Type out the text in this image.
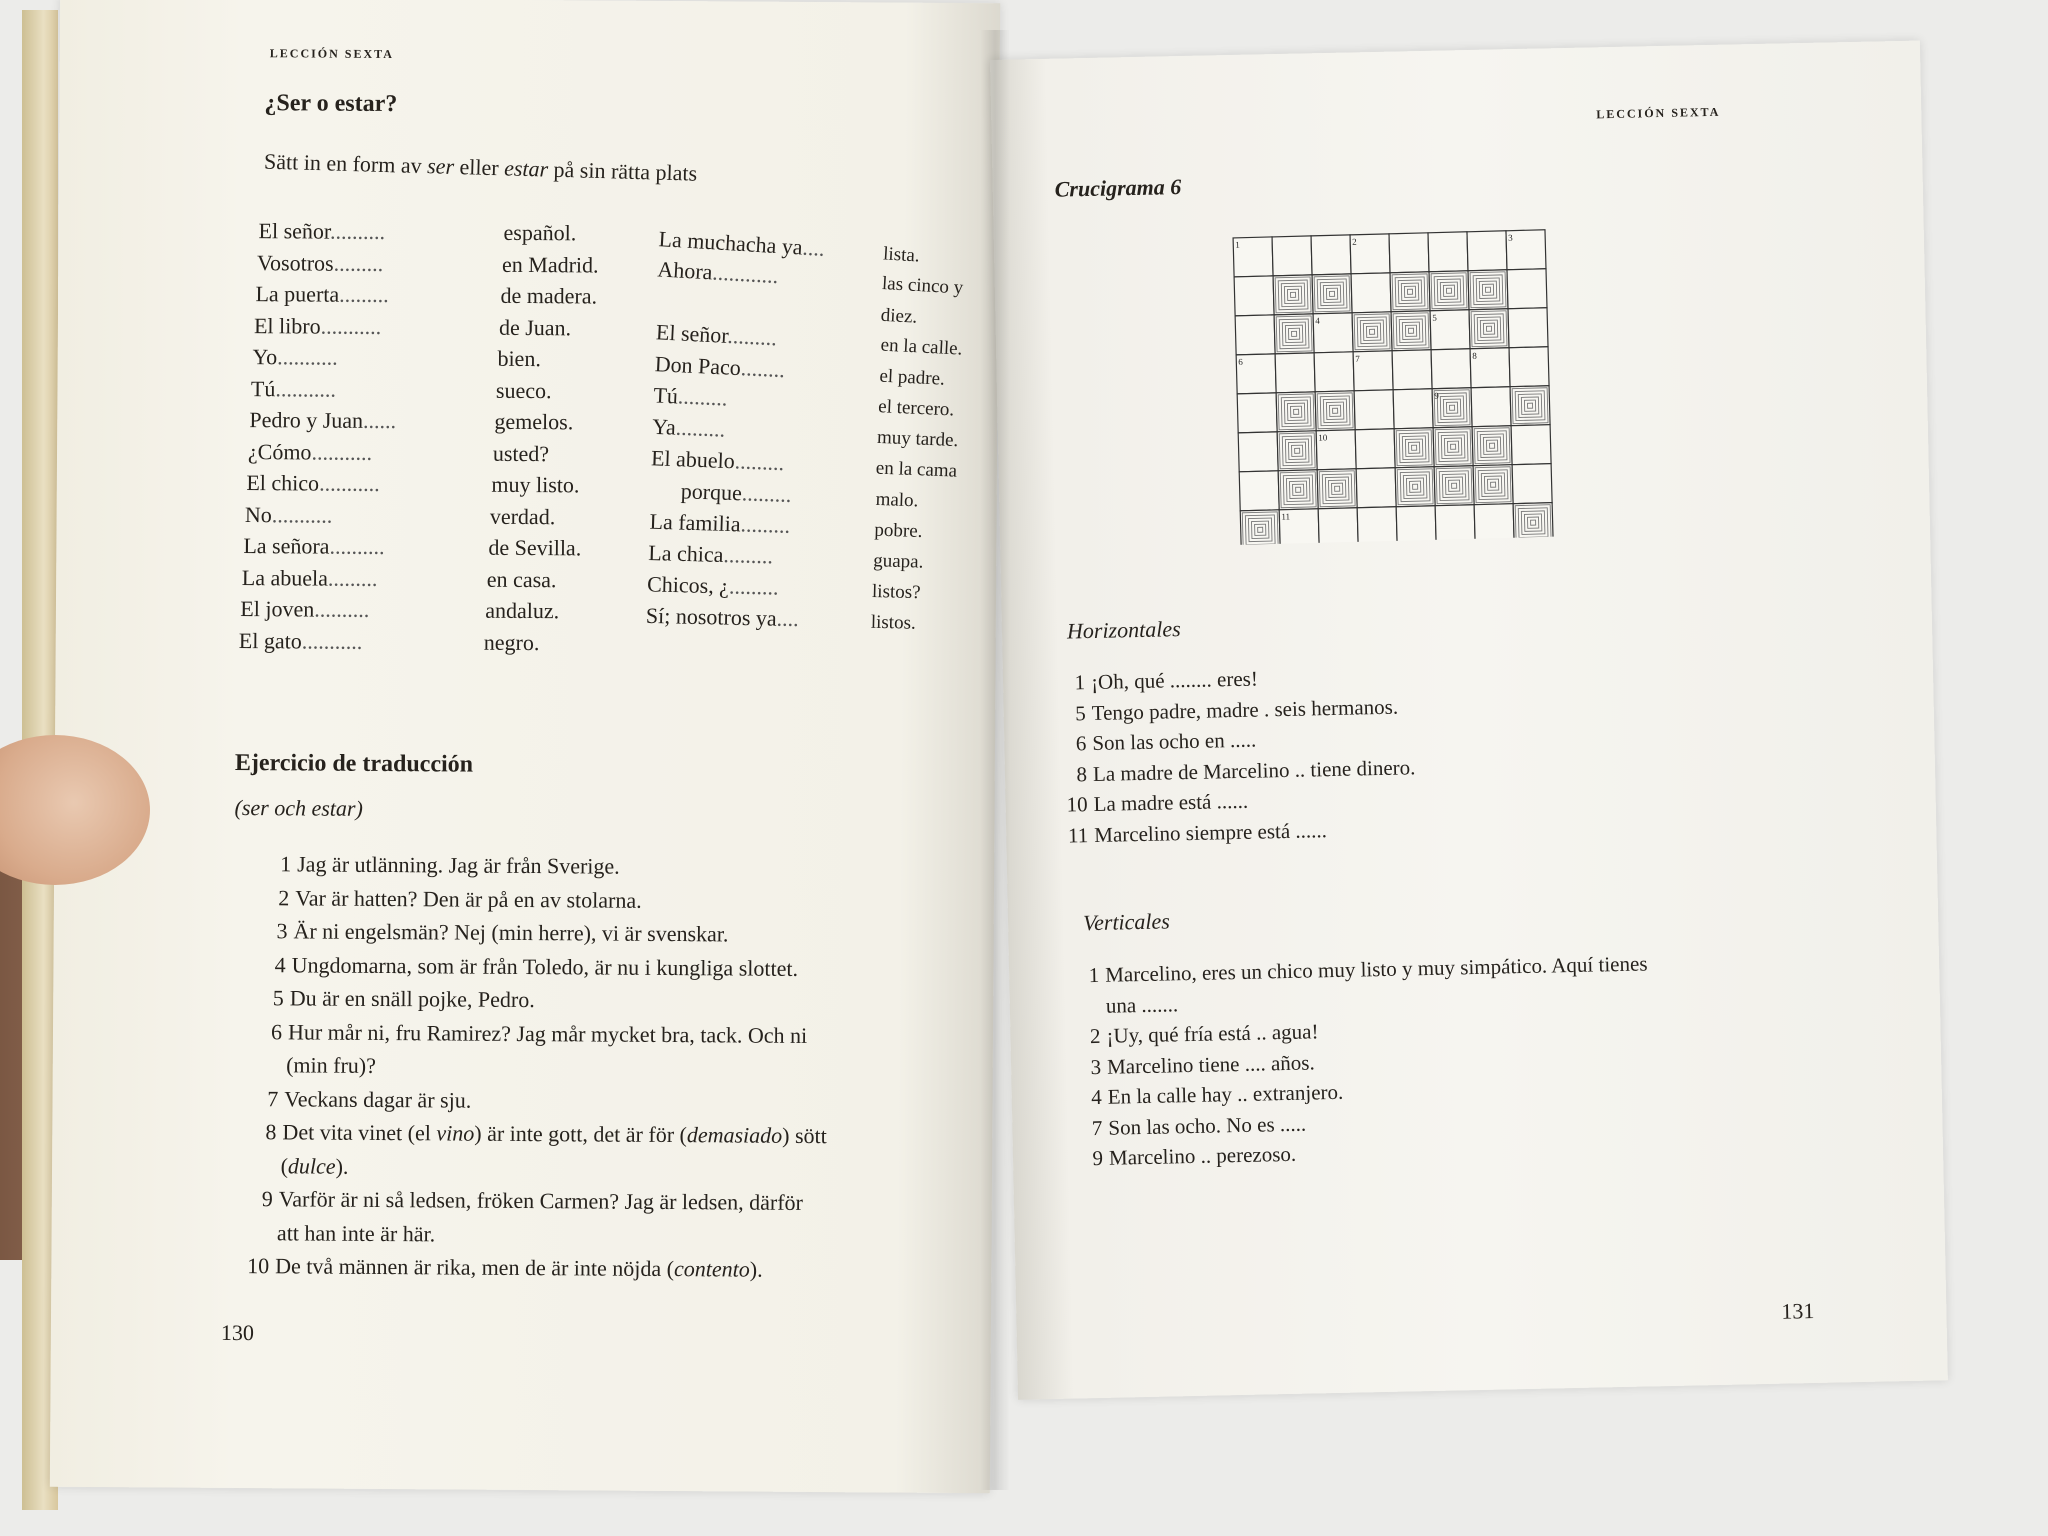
LECCIÓN SEXTA
¿Ser o estar?
Sätt in en form av ser eller estar på sin rätta plats
El señor..........	español.
Vosotros.........	en Madrid.
La puerta.........	de madera.
El libro...........	de Juan.
Yo...........	bien.
Tú...........	sueco.
Pedro y Juan......	gemelos.
¿Cómo...........	usted?
El chico...........	muy listo.
No...........	verdad.
La señora..........	de Sevilla.
La abuela.........	en casa.
El joven..........	andaluz.
El gato...........	negro.
La muchacha ya....	lista.
Ahora............	las cinco y
diez.
El señor.........	en la calle.
Don Paco........	el padre.
Tú.........	el tercero.
Ya.........	muy tarde.
El abuelo.........	en la cama
porque.........	malo.
La familia.........	pobre.
La chica.........	guapa.
Chicos, ¿.........	listos?
Sí; nosotros ya....	listos.
Ejercicio de traducción
(ser och estar)
1 Jag är utlänning. Jag är från Sverige.
2 Var är hatten? Den är på en av stolarna.
3 Är ni engelsmän? Nej (min herre), vi är svenskar.
4 Ungdomarna, som är från Toledo, är nu i kungliga slottet.
5 Du är en snäll pojke, Pedro.
6 Hur mår ni, fru Ramirez? Jag mår mycket bra, tack. Och ni
(min fru)?
7 Veckans dagar är sju.
8 Det vita vinet (el vino) är inte gott, det är för (demasiado) sött
(dulce).
9 Varför är ni så ledsen, fröken Carmen? Jag är ledsen, därför
att han inte är här.
10 De två männen är rika, men de är inte nöjda (contento).
130
LECCIÓN SEXTA
Crucigrama 6
Horizontales
1 ¡Oh, qué ........ eres!
5 Tengo padre, madre . seis hermanos.
6 Son las ocho en .....
8 La madre de Marcelino .. tiene dinero.
10 La madre está ......
11 Marcelino siempre está ......
Verticales
1 Marcelino, eres un chico muy listo y muy simpático. Aquí tienes
una .......
2 ¡Uy, qué fría está .. agua!
3 Marcelino tiene .... años.
4 En la calle hay .. extranjero.
7 Son las ocho. No es .....
9 Marcelino .. perezoso.
131
1	2	3
4	5
6	7	8
9
10
11
